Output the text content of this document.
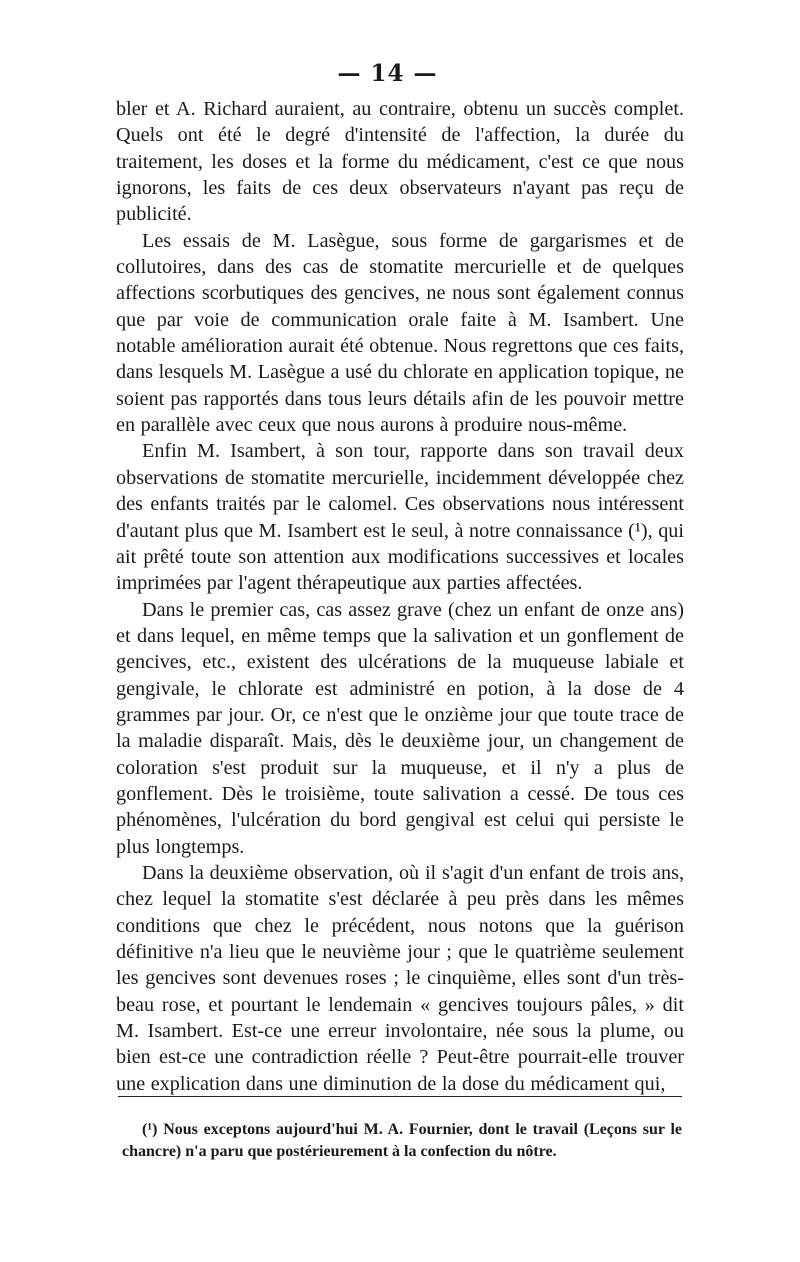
— 14 —

bler et A. Richard auraient, au contraire, obtenu un succès complet. Quels ont été le degré d'intensité de l'affection, la durée du traitement, les doses et la forme du médicament, c'est ce que nous ignorons, les faits de ces deux observateurs n'ayant pas reçu de publicité.

Les essais de M. Lasègue, sous forme de gargarismes et de collutoires, dans des cas de stomatite mercurielle et de quelques affections scorbutiques des gencives, ne nous sont également connus que par voie de communication orale faite à M. Isambert. Une notable amélioration aurait été obtenue. Nous regrettons que ces faits, dans lesquels M. Lasègue a usé du chlorate en application topique, ne soient pas rapportés dans tous leurs détails afin de les pouvoir mettre en parallèle avec ceux que nous aurons à produire nous-même.

Enfin M. Isambert, à son tour, rapporte dans son travail deux observations de stomatite mercurielle, incidemment développée chez des enfants traités par le calomel. Ces observations nous intéressent d'autant plus que M. Isambert est le seul, à notre connaissance (¹), qui ait prêté toute son attention aux modifications successives et locales imprimées par l'agent thérapeutique aux parties affectées.

Dans le premier cas, cas assez grave (chez un enfant de onze ans) et dans lequel, en même temps que la salivation et un gonflement de gencives, etc., existent des ulcérations de la muqueuse labiale et gengivale, le chlorate est administré en potion, à la dose de 4 grammes par jour. Or, ce n'est que le onzième jour que toute trace de la maladie disparaît. Mais, dès le deuxième jour, un changement de coloration s'est produit sur la muqueuse, et il n'y a plus de gonflement. Dès le troisième, toute salivation a cessé. De tous ces phénomènes, l'ulcération du bord gengival est celui qui persiste le plus longtemps.

Dans la deuxième observation, où il s'agit d'un enfant de trois ans, chez lequel la stomatite s'est déclarée à peu près dans les mêmes conditions que chez le précédent, nous notons que la guérison définitive n'a lieu que le neuvième jour ; que le quatrième seulement les gencives sont devenues roses ; le cinquième, elles sont d'un très-beau rose, et pourtant le lendemain « gencives toujours pâles, » dit M. Isambert. Est-ce une erreur involontaire, née sous la plume, ou bien est-ce une contradiction réelle ? Peut-être pourrait-elle trouver une explication dans une diminution de la dose du médicament qui,

(¹) Nous exceptons aujourd'hui M. A. Fournier, dont le travail (Leçons sur le chancre) n'a paru que postérieurement à la confection du nôtre.
